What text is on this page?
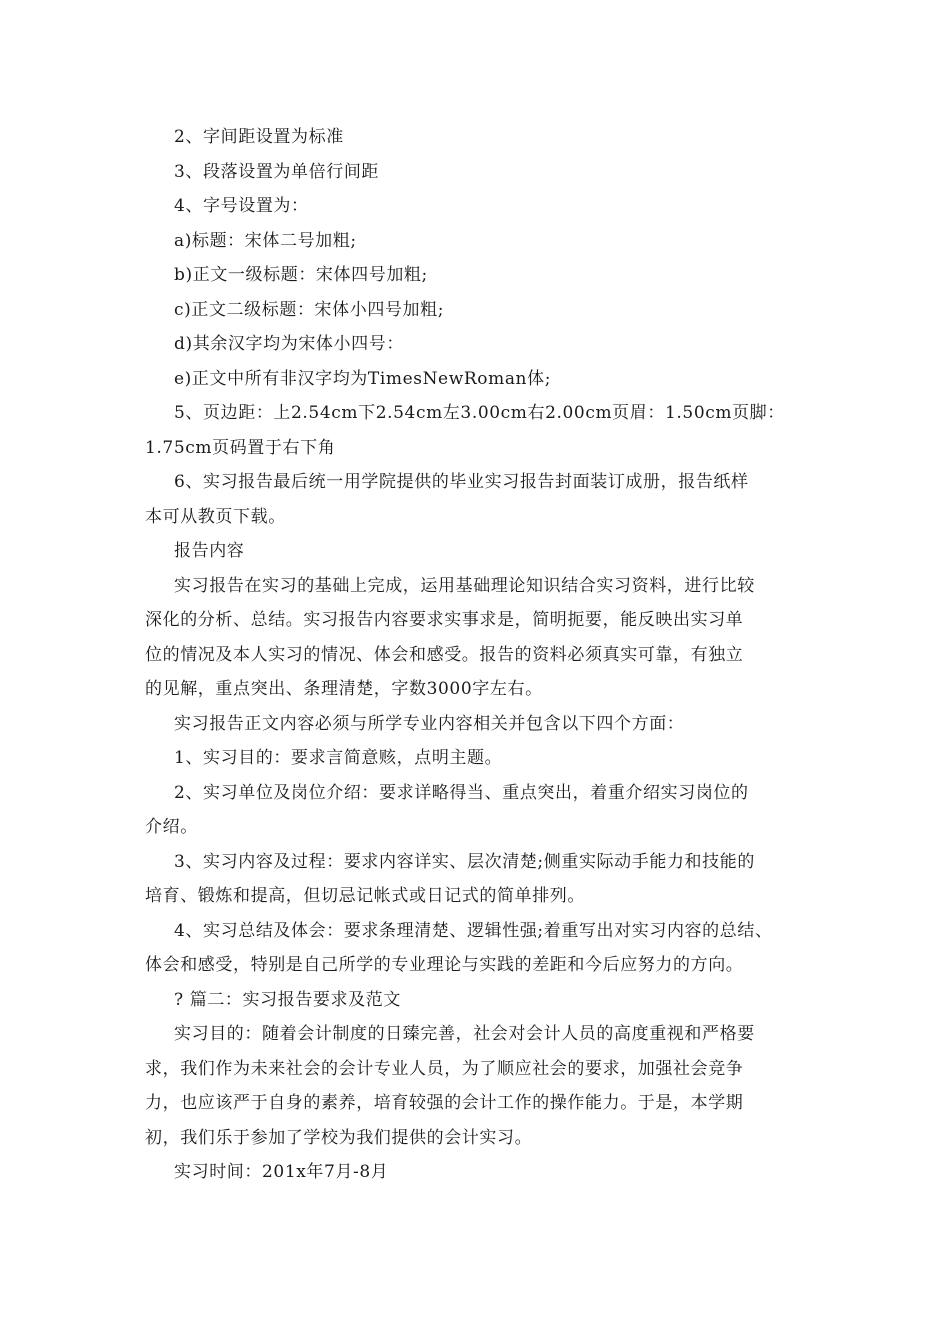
2、字间距设置为标准
3、段落设置为单倍行间距
4、字号设置为：
a)标题：宋体二号加粗;
b)正文一级标题：宋体四号加粗;
c)正文二级标题：宋体小四号加粗;
d)其余汉字均为宋体小四号：
e)正文中所有非汉字均为TimesNewRoman体;
5、页边距：上2.54cm下2.54cm左3.00cm右2.00cm页眉：1.50cm页脚：
1.75cm页码置于右下角
6、实习报告最后统一用学院提供的毕业实习报告封面装订成册，报告纸样
本可从教页下载。
报告内容
实习报告在实习的基础上完成，运用基础理论知识结合实习资料，进行比较
深化的分析、总结。实习报告内容要求实事求是，简明扼要，能反映出实习单
位的情况及本人实习的情况、体会和感受。报告的资料必须真实可靠，有独立
的见解，重点突出、条理清楚，字数3000字左右。
实习报告正文内容必须与所学专业内容相关并包含以下四个方面：
1、实习目的：要求言简意赅，点明主题。
2、实习单位及岗位介绍：要求详略得当、重点突出，着重介绍实习岗位的
介绍。
3、实习内容及过程：要求内容详实、层次清楚;侧重实际动手能力和技能的
培育、锻炼和提高，但切忌记帐式或日记式的简单排列。
4、实习总结及体会：要求条理清楚、逻辑性强;着重写出对实习内容的总结、
体会和感受，特别是自己所学的专业理论与实践的差距和今后应努力的方向。
? 篇二：实习报告要求及范文
实习目的：随着会计制度的日臻完善，社会对会计人员的高度重视和严格要
求，我们作为未来社会的会计专业人员，为了顺应社会的要求，加强社会竞争
力，也应该严于自身的素养，培育较强的会计工作的操作能力。于是，本学期
初，我们乐于参加了学校为我们提供的会计实习。
实习时间：201x年7月-8月
